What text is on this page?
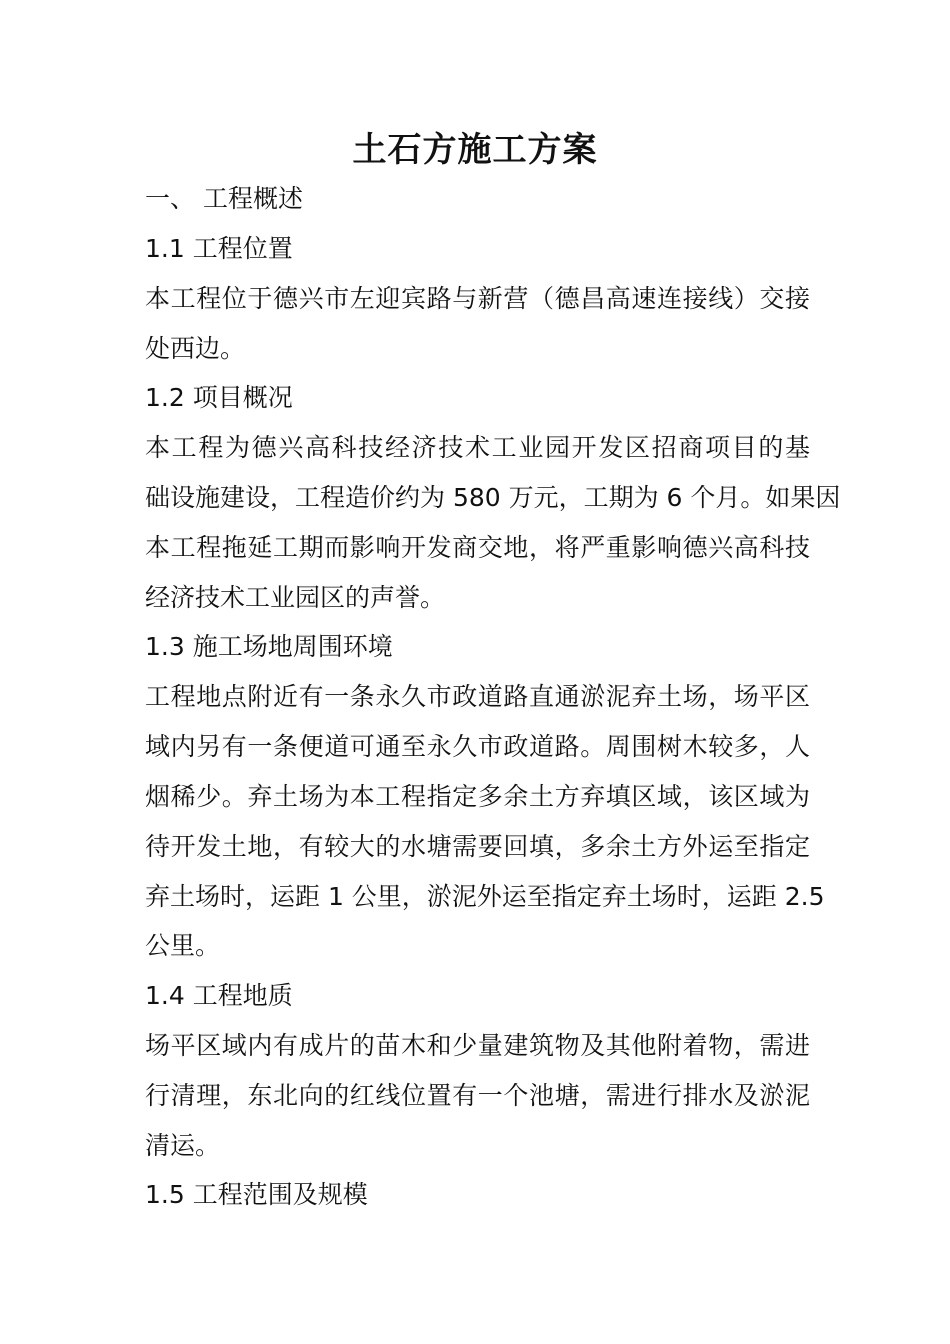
土石方施工方案
一、 工程概述
1.1 工程位置
本工程位于德兴市左迎宾路与新营（德昌高速连接线）交接
处西边。
1.2 项目概况
本工程为德兴高科技经济技术工业园开发区招商项目的基
础设施建设，工程造价约为 580 万元，工期为 6 个月。如果因
本工程拖延工期而影响开发商交地，将严重影响德兴高科技
经济技术工业园区的声誉。
1.3 施工场地周围环境
工程地点附近有一条永久市政道路直通淤泥弃土场，场平区
域内另有一条便道可通至永久市政道路。周围树木较多，人
烟稀少。弃土场为本工程指定多余土方弃填区域，该区域为
待开发土地，有较大的水塘需要回填，多余土方外运至指定
弃土场时，运距 1 公里，淤泥外运至指定弃土场时，运距 2.5
公里。
1.4 工程地质
场平区域内有成片的苗木和少量建筑物及其他附着物，需进
行清理，东北向的红线位置有一个池塘，需进行排水及淤泥
清运。
1.5 工程范围及规模
